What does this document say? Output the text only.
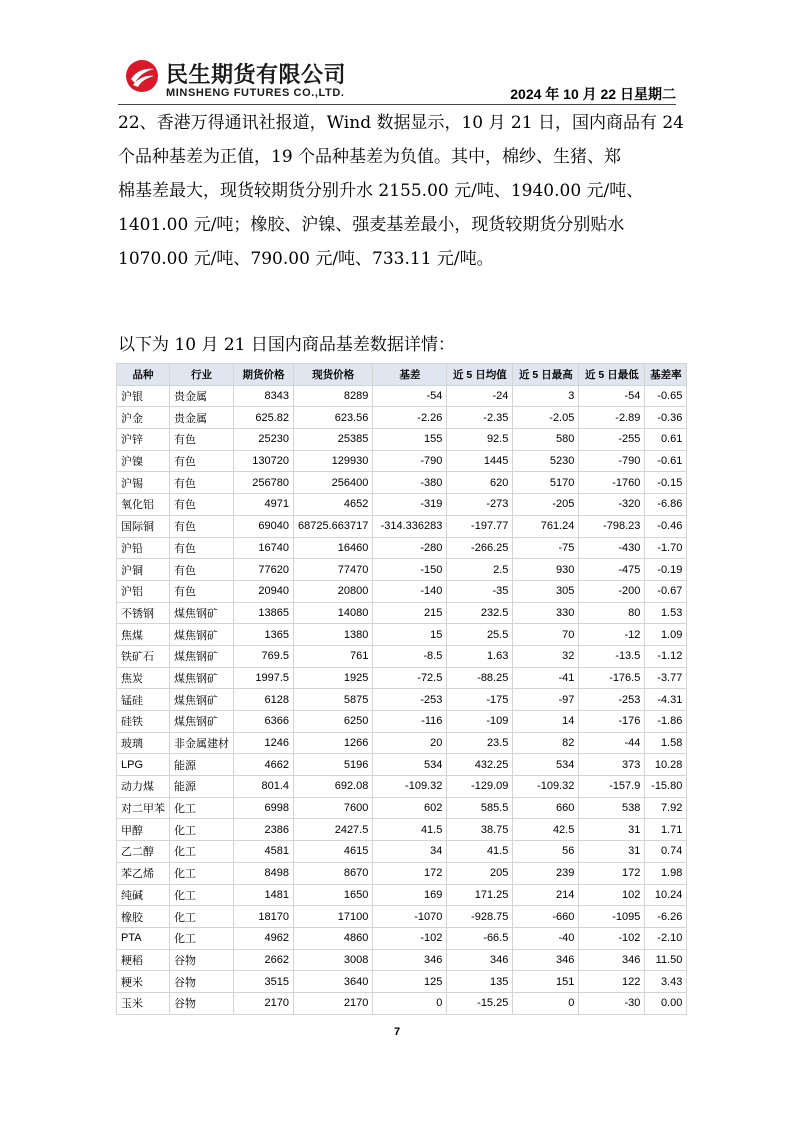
民生期货有限公司
MINSHENG FUTURES CO.,LTD.	2024 年 10 月 22 日星期二

22、香港万得通讯社报道，Wind 数据显示，10 月 21 日，国内商品有 24

个品种基差为正值，19 个品种基差为负值。其中，棉纱、生猪、郑

棉基差最大，现货较期货分别升水 2155.00 元/吨、1940.00 元/吨、

1401.00 元/吨；橡胶、沪镍、强麦基差最小，现货较期货分别贴水

1070.00 元/吨、790.00 元/吨、733.11 元/吨。

以下为 10 月 21 日国内商品基差数据详情：
品种	行业	期货价格	现货价格	基差	近 5 日均值	近 5 日最高	近 5 日最低	基差率
沪银	贵金属	8343	8289	-54	-24	3	-54	-0.65
沪金	贵金属	625.82	623.56	-2.26	-2.35	-2.05	-2.89	-0.36
沪锌	有色	25230	25385	155	92.5	580	-255	0.61
沪镍	有色	130720	129930	-790	1445	5230	-790	-0.61
沪锡	有色	256780	256400	-380	620	5170	-1760	-0.15
氧化铝	有色	4971	4652	-319	-273	-205	-320	-6.86
国际铜	有色	69040	68725.663717	-314.336283	-197.77	761.24	-798.23	-0.46
沪铅	有色	16740	16460	-280	-266.25	-75	-430	-1.70
沪铜	有色	77620	77470	-150	2.5	930	-475	-0.19
沪铝	有色	20940	20800	-140	-35	305	-200	-0.67
不锈钢	煤焦钢矿	13865	14080	215	232.5	330	80	1.53
焦煤	煤焦钢矿	1365	1380	15	25.5	70	-12	1.09
铁矿石	煤焦钢矿	769.5	761	-8.5	1.63	32	-13.5	-1.12
焦炭	煤焦钢矿	1997.5	1925	-72.5	-88.25	-41	-176.5	-3.77
锰硅	煤焦钢矿	6128	5875	-253	-175	-97	-253	-4.31
硅铁	煤焦钢矿	6366	6250	-116	-109	14	-176	-1.86
玻璃	非金属建材	1246	1266	20	23.5	82	-44	1.58
LPG	能源	4662	5196	534	432.25	534	373	10.28
动力煤	能源	801.4	692.08	-109.32	-129.09	-109.32	-157.9	-15.80
对二甲苯	化工	6998	7600	602	585.5	660	538	7.92
甲醇	化工	2386	2427.5	41.5	38.75	42.5	31	1.71
乙二醇	化工	4581	4615	34	41.5	56	31	0.74
苯乙烯	化工	8498	8670	172	205	239	172	1.98
纯碱	化工	1481	1650	169	171.25	214	102	10.24
橡胶	化工	18170	17100	-1070	-928.75	-660	-1095	-6.26
PTA	化工	4962	4860	-102	-66.5	-40	-102	-2.10
粳稻	谷物	2662	3008	346	346	346	346	11.50
粳米	谷物	3515	3640	125	135	151	122	3.43
玉米	谷物	2170	2170	0	-15.25	0	-30	0.00
7
